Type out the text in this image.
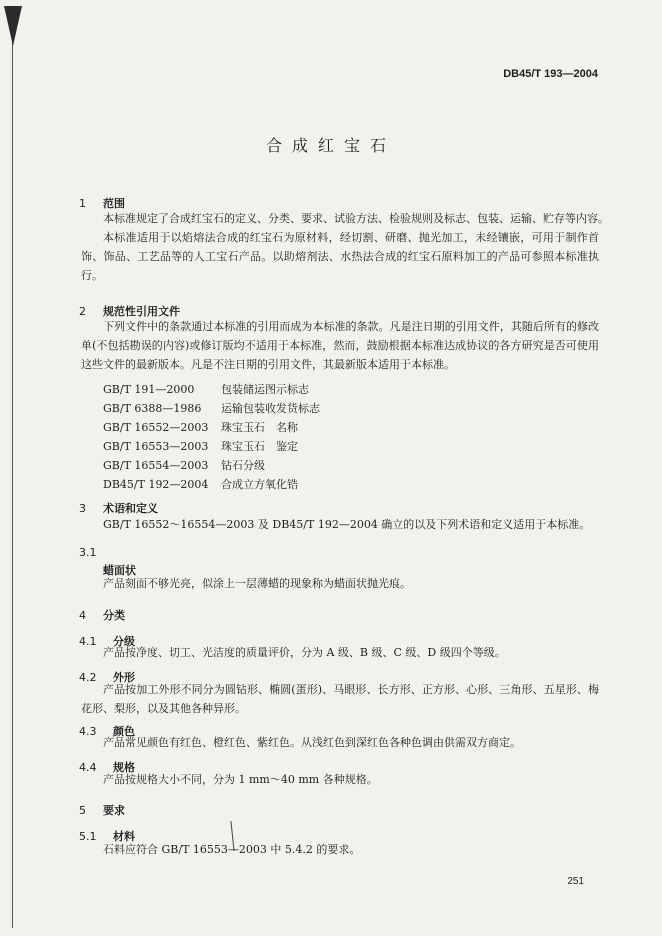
DB45/T 193—2004
合成红宝石
1 范围

本标准规定了合成红宝石的定义、分类、要求、试验方法、检验规则及标志、包装、运输、贮存等内容。

本标准适用于以焰熔法合成的红宝石为原材料，经切割、研磨、抛光加工，未经镶嵌，可用于制作首饰、饰品、工艺品等的人工宝石产品。以助熔剂法、水热法合成的红宝石原料加工的产品可参照本标准执行。

2 规范性引用文件

下列文件中的条款通过本标准的引用而成为本标准的条款。凡是注日期的引用文件，其随后所有的修改单(不包括勘误的内容)或修订版均不适用于本标准，然而，鼓励根据本标准达成协议的各方研究是否可使用这些文件的最新版本。凡是不注日期的引用文件，其最新版本适用于本标准。

GB/T 191—2000 包装储运图示标志
GB/T 6388—1986 运输包装收发货标志
GB/T 16552—2003 珠宝玉石　名称
GB/T 16553—2003 珠宝玉石　鉴定
GB/T 16554—2003 钻石分级
DB45/T 192—2004 合成立方氧化锆
3 术语和定义

GB/T 16552～16554—2003 及 DB45/T 192—2004 确立的以及下列术语和定义适用于本标准。

3.1
蜡面状

产品刻面不够光亮，似涂上一层薄蜡的现象称为蜡面状抛光痕。

4 分类
4.1 分级

产品按净度、切工、光洁度的质量评价，分为 A 级、B 级、C 级、D 级四个等级。

4.2 外形

产品按加工外形不同分为圆钻形、椭圆(蛋形)、马眼形、长方形、正方形、心形、三角形、五星形、梅花形、梨形，以及其他各种异形。

4.3 颜色

产品常见颜色有红色、橙红色、紫红色。从浅红色到深红色各种色调由供需双方商定。

4.4 规格

产品按规格大小不同，分为 1 mm～40 mm 各种规格。

5 要求
5.1 材料

石料应符合 GB/T 16553—2003 中 5.4.2 的要求。

251
